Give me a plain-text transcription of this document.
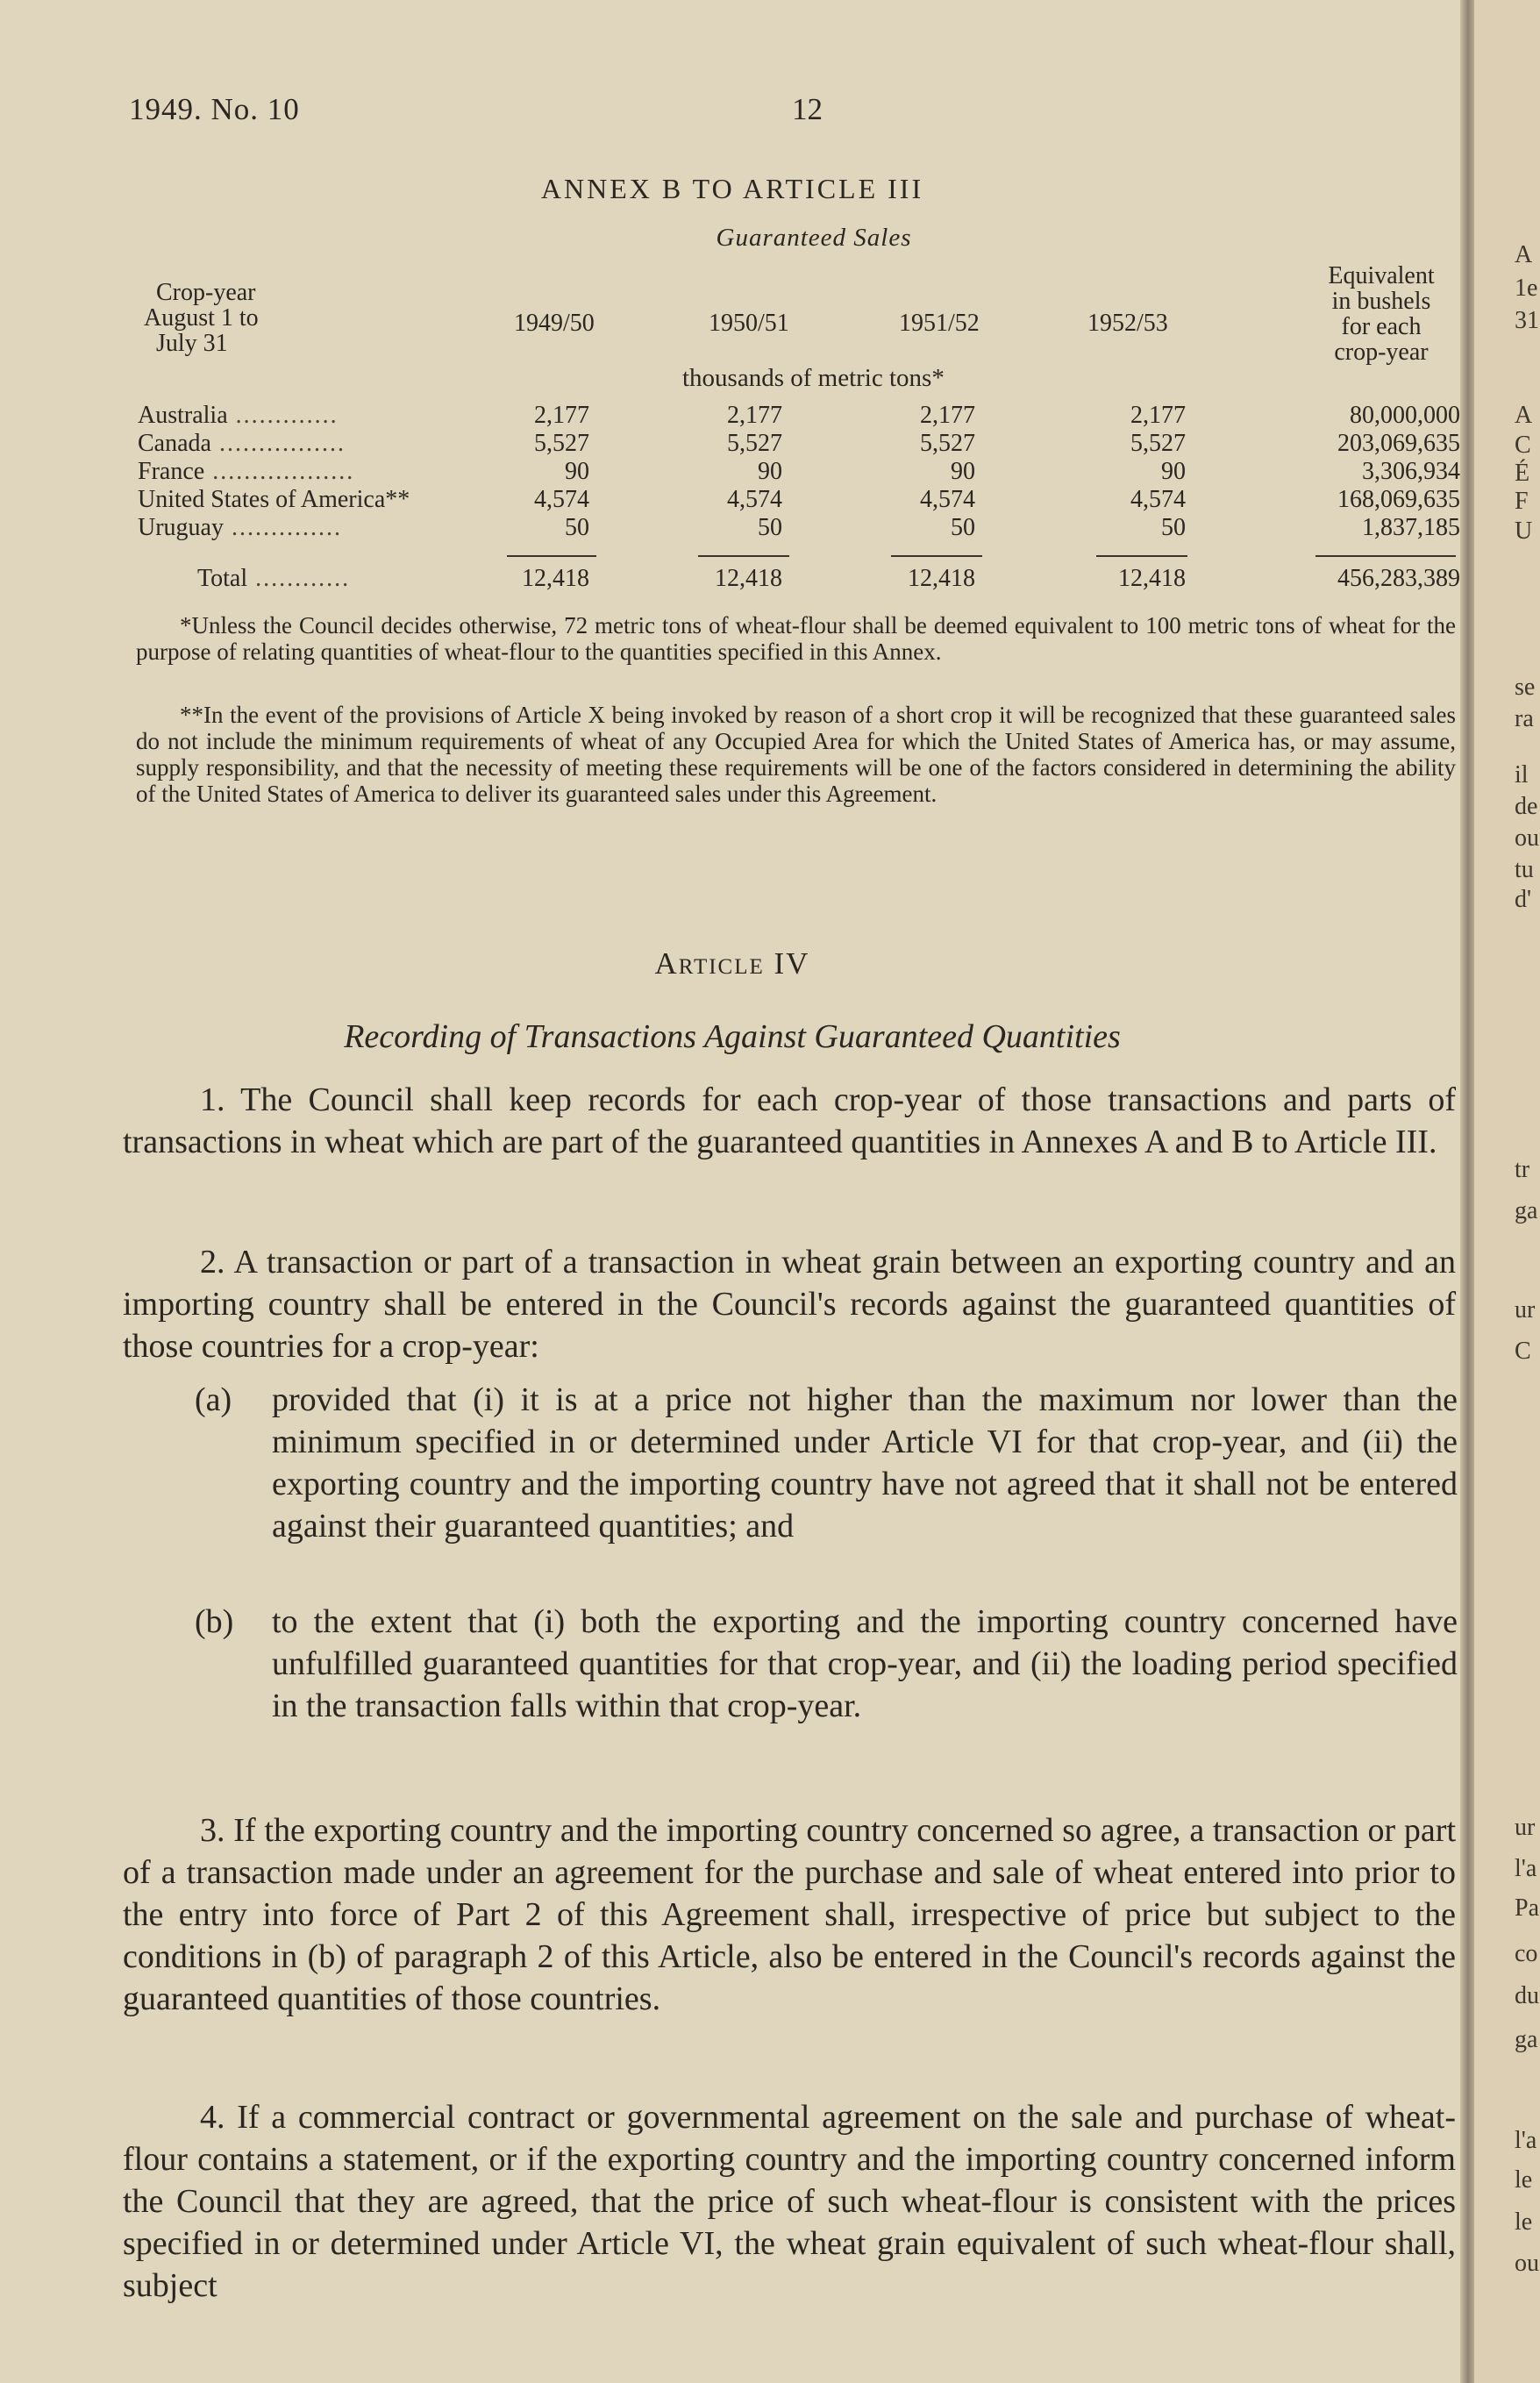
1949. No. 10	12
ANNEX B TO ARTICLE III
Guaranteed Sales
Crop-year
August 1 to
July 31
1949/50	1950/51	1951/52	1952/53
Equivalent
in bushels
for each
crop-year
thousands of metric tons*
Australia .............	2,177	2,177	2,177	2,177	80,000,000
Canada ................	5,527	5,527	5,527	5,527	203,069,635
France ..................	90	90	90	90	3,306,934
United States of America**	4,574	4,574	4,574	4,574	168,069,635
Uruguay ..............	50	50	50	50	1,837,185
Total ............	12,418	12,418	12,418	12,418	456,283,389
*Unless the Council decides otherwise, 72 metric tons of wheat-flour shall be deemed equivalent to 100 metric tons of wheat for the purpose of relating quantities of wheat-flour to the quantities specified in this Annex.
**In the event of the provisions of Article X being invoked by reason of a short crop it will be recognized that these guaranteed sales do not include the minimum requirements of wheat of any Occupied Area for which the United States of America has, or may assume, supply responsibility, and that the necessity of meeting these requirements will be one of the factors considered in determining the ability of the United States of America to deliver its guaranteed sales under this Agreement.
Article IV
Recording of Transactions Against Guaranteed Quantities
1. The Council shall keep records for each crop-year of those transactions and parts of transactions in wheat which are part of the guaranteed quantities in Annexes A and B to Article III.
2. A transaction or part of a transaction in wheat grain between an exporting country and an importing country shall be entered in the Council's records against the guaranteed quantities of those countries for a crop-year:
(a) provided that (i) it is at a price not higher than the maximum nor lower than the minimum specified in or determined under Article VI for that crop-year, and (ii) the exporting country and the importing country have not agreed that it shall not be entered against their guaranteed quantities; and
(b) to the extent that (i) both the exporting and the importing country concerned have unfulfilled guaranteed quantities for that crop-year, and (ii) the loading period specified in the transaction falls within that crop-year.
3. If the exporting country and the importing country concerned so agree, a transaction or part of a transaction made under an agreement for the purchase and sale of wheat entered into prior to the entry into force of Part 2 of this Agreement shall, irrespective of price but subject to the conditions in (b) of paragraph 2 of this Article, also be entered in the Council's records against the guaranteed quantities of those countries.
4. If a commercial contract or governmental agreement on the sale and purchase of wheat-flour contains a statement, or if the exporting country and the importing country concerned inform the Council that they are agreed, that the price of such wheat-flour is consistent with the prices specified in or determined under Article VI, the wheat grain equivalent of such wheat-flour shall, subject
A
1e
31
A
C
É
F
U
se
ra
il
de
ou
tu
d'
tr
ga
ur
C
ur
l'a
Pa
co
du
ga
l'a
le
le
ou
